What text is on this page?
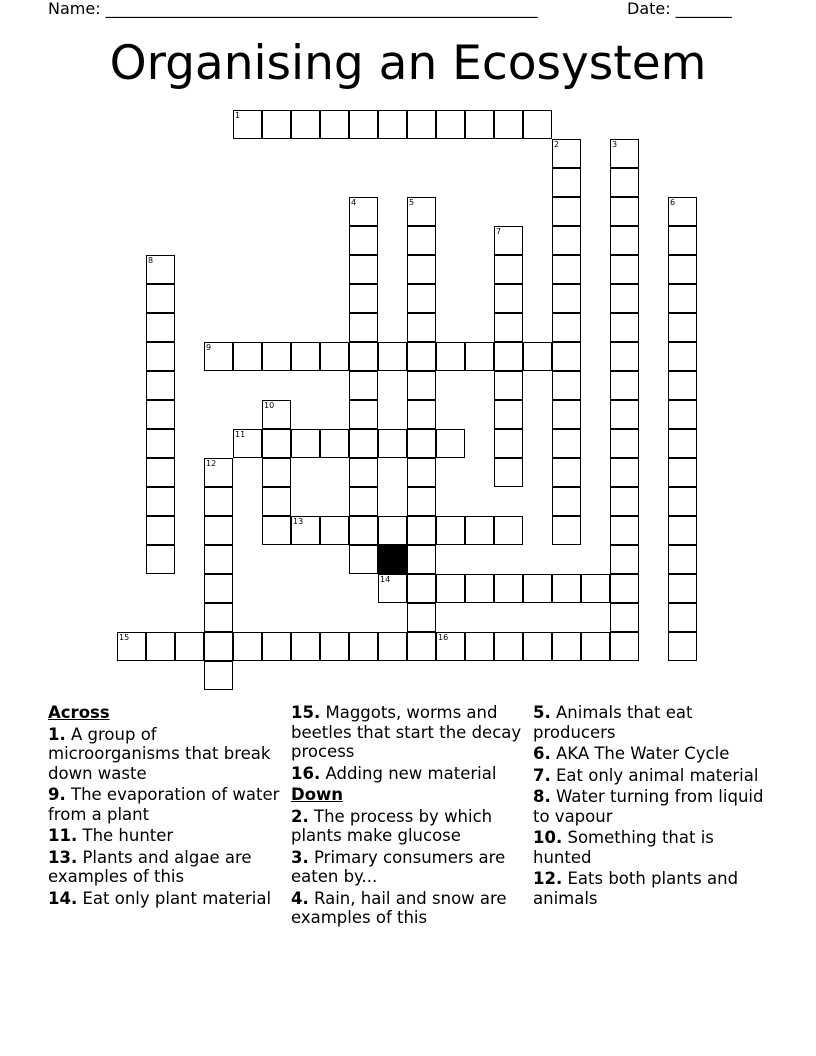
Name: ______________________________________________________	Date: _______
Organising an Ecosystem
1
9
11
13
14
15	16
2	3
4	5	6
7
8
10
12
Across
1. A group of microorganisms that break down waste
9. The evaporation of water from a plant
11. The hunter
13. Plants and algae are examples of this
14. Eat only plant material
15. Maggots, worms and beetles that start the decay process
16. Adding new material
Down
2. The process by which plants make glucose
3. Primary consumers are eaten by...
4. Rain, hail and snow are examples of this
5. Animals that eat producers
6. AKA The Water Cycle
7. Eat only animal material
8. Water turning from liquid to vapour
10. Something that is hunted
12. Eats both plants and animals
